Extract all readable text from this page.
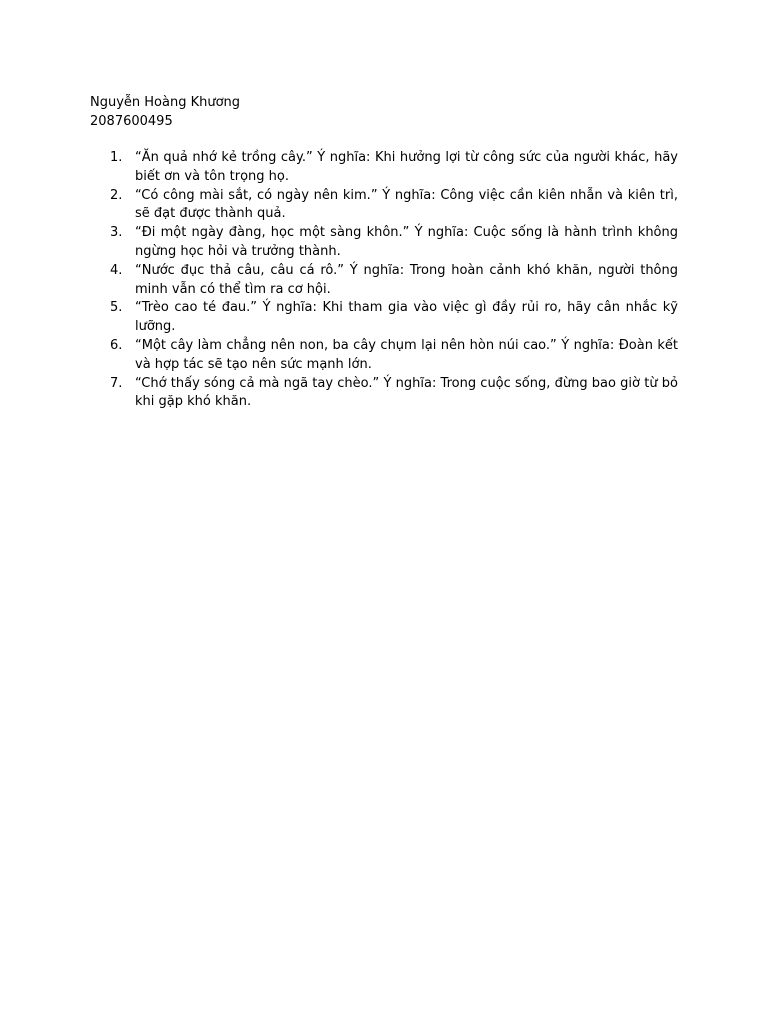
Nguyễn Hoàng Khương
2087600495
1. “Ăn quả nhớ kẻ trồng cây.” Ý nghĩa: Khi hưởng lợi từ công sức của người khác, hãy biết ơn và tôn trọng họ.
2. “Có công mài sắt, có ngày nên kim.” Ý nghĩa: Công việc cần kiên nhẫn và kiên trì, sẽ đạt được thành quả.
3. “Đi một ngày đàng, học một sàng khôn.” Ý nghĩa: Cuộc sống là hành trình không ngừng học hỏi và trưởng thành.
4. “Nước đục thả câu, câu cá rô.” Ý nghĩa: Trong hoàn cảnh khó khăn, người thông minh vẫn có thể tìm ra cơ hội.
5. “Trèo cao té đau.” Ý nghĩa: Khi tham gia vào việc gì đầy rủi ro, hãy cân nhắc kỹ lưỡng.
6. “Một cây làm chẳng nên non, ba cây chụm lại nên hòn núi cao.” Ý nghĩa: Đoàn kết và hợp tác sẽ tạo nên sức mạnh lớn.
7. “Chớ thấy sóng cả mà ngã tay chèo.” Ý nghĩa: Trong cuộc sống, đừng bao giờ từ bỏ khi gặp khó khăn.
